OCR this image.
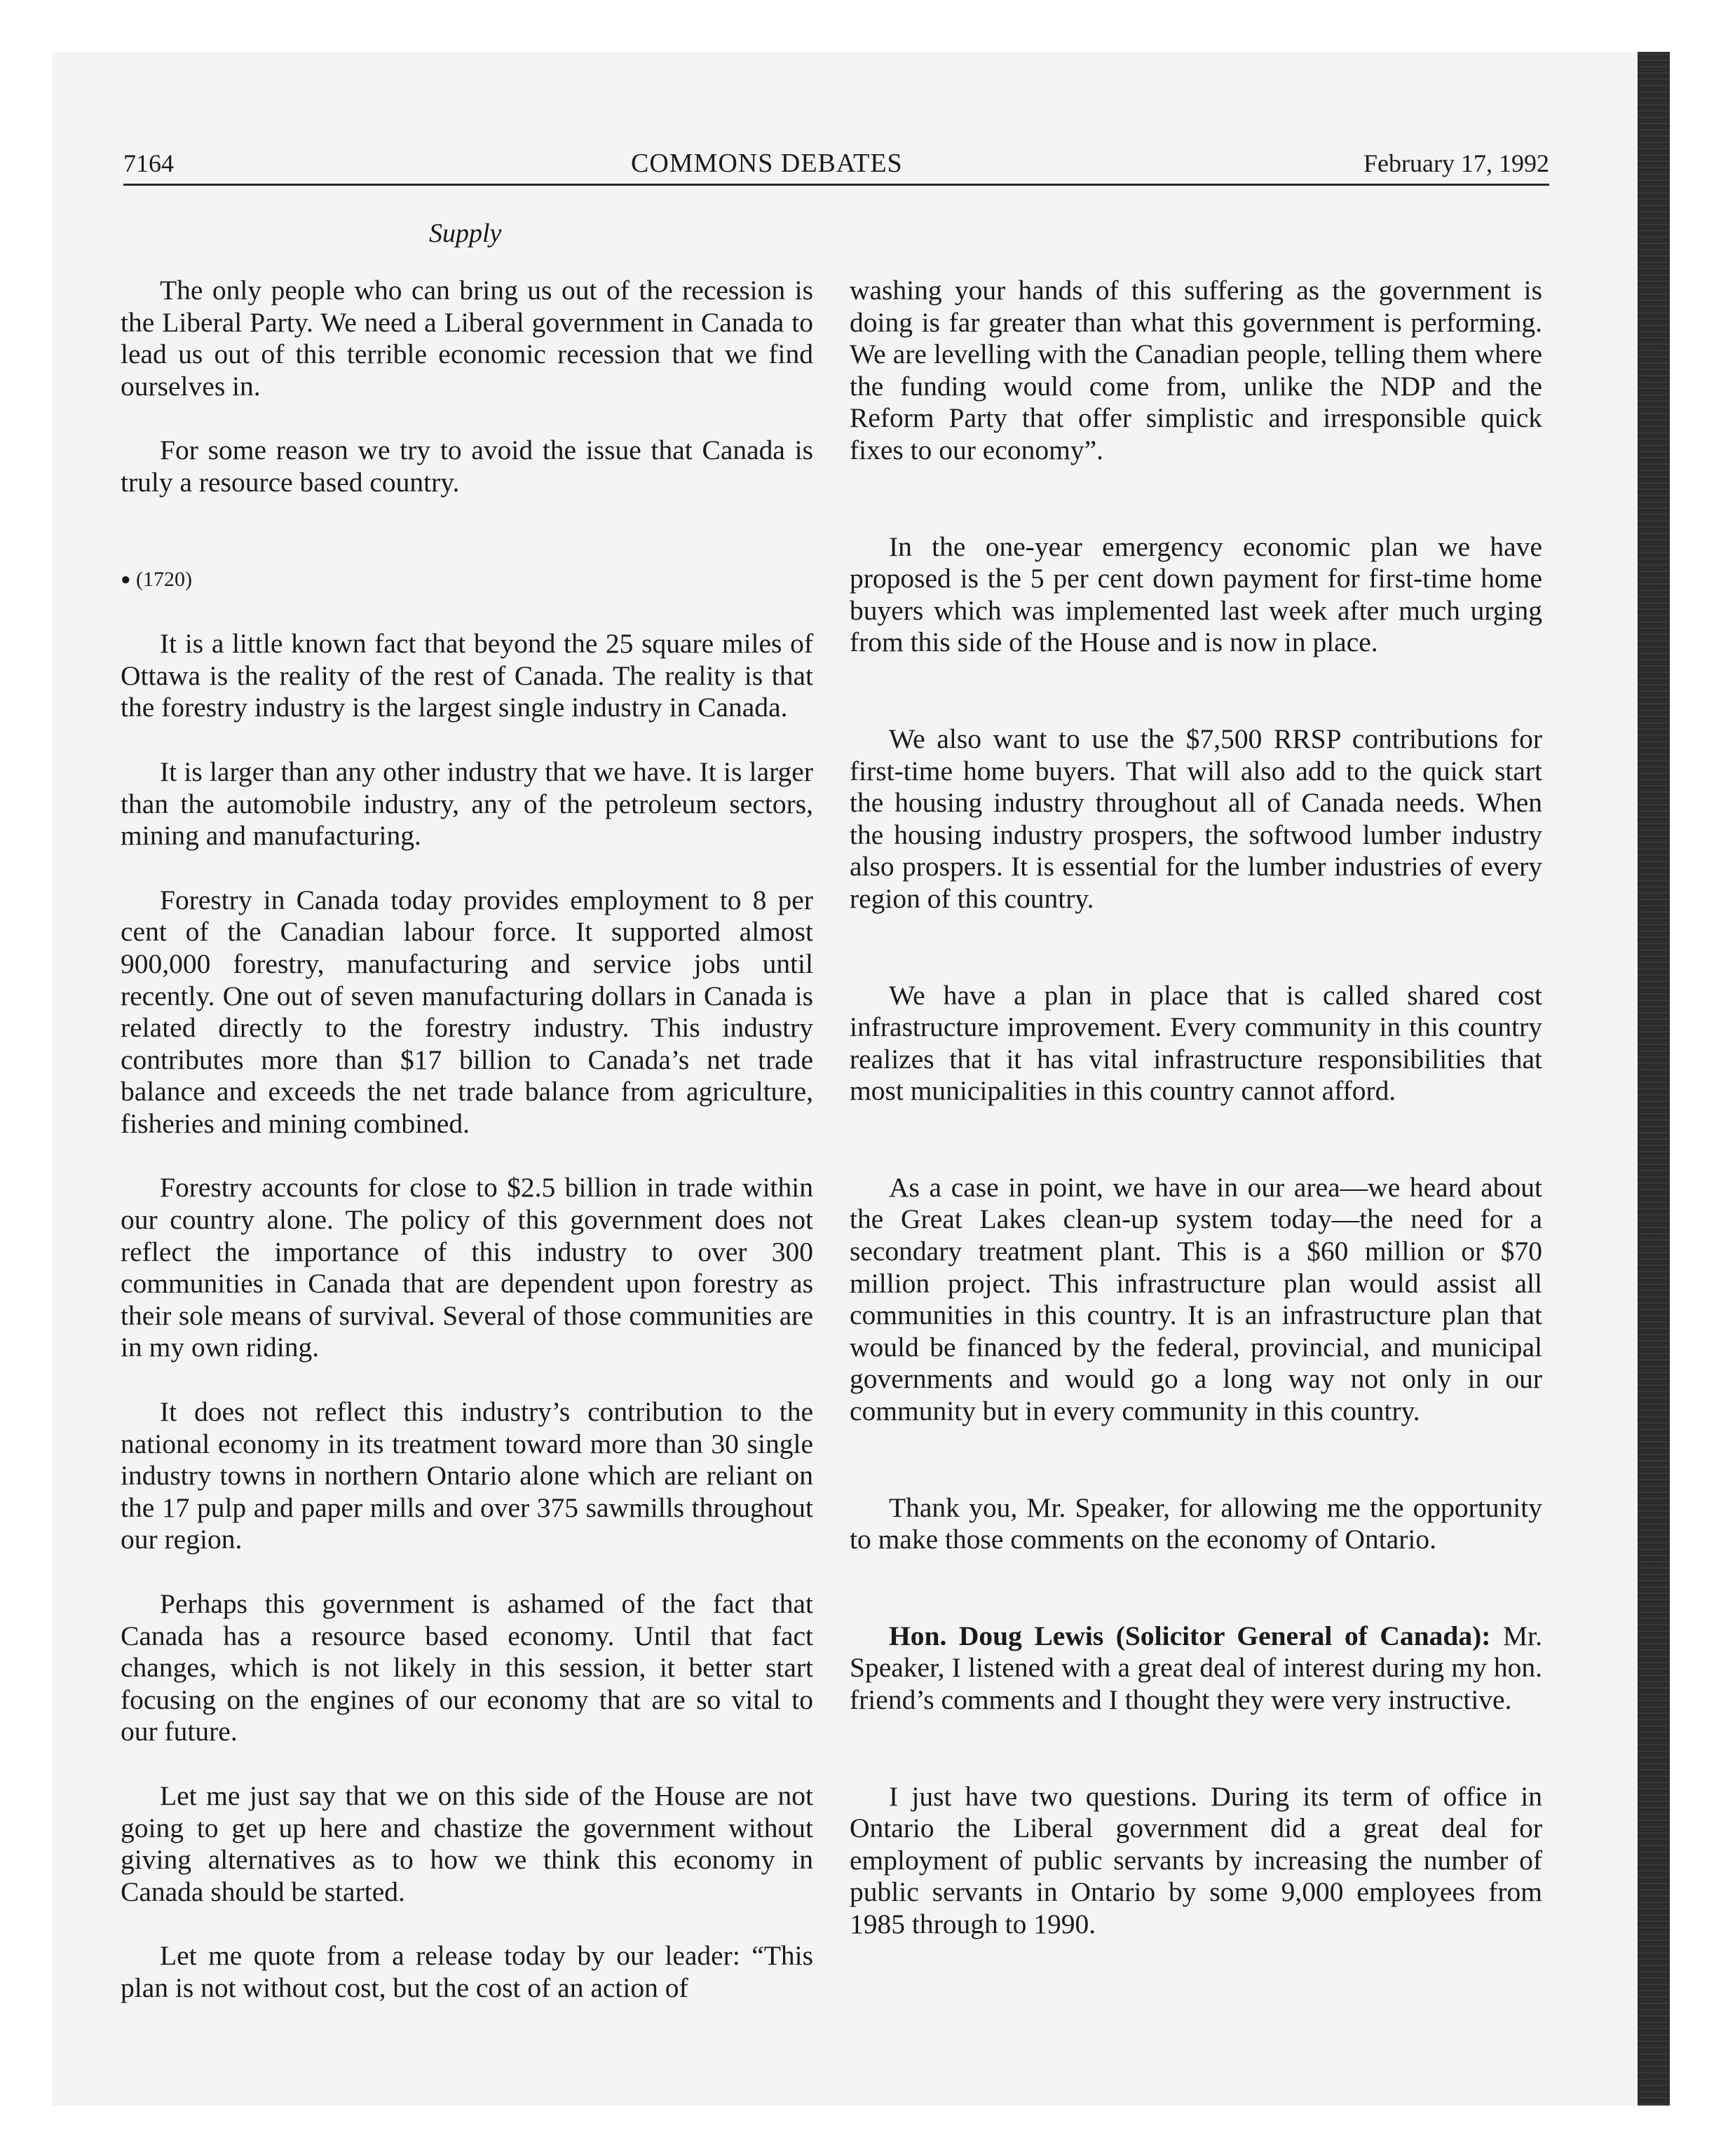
7164	COMMONS DEBATES	February 17, 1992
Supply

The only people who can bring us out of the recession is the Liberal Party. We need a Liberal government in Canada to lead us out of this terrible economic recession that we find ourselves in.

For some reason we try to avoid the issue that Canada is truly a resource based country.

● (1720)

It is a little known fact that beyond the 25 square miles of Ottawa is the reality of the rest of Canada. The reality is that the forestry industry is the largest single industry in Canada.

It is larger than any other industry that we have. It is larger than the automobile industry, any of the petroleum sectors, mining and manufacturing.

Forestry in Canada today provides employment to 8 per cent of the Canadian labour force. It supported almost 900,000 forestry, manufacturing and service jobs until recently. One out of seven manufacturing dollars in Canada is related directly to the forestry industry. This industry contributes more than $17 billion to Canada’s net trade balance and exceeds the net trade balance from agriculture, fisheries and mining combined.

Forestry accounts for close to $2.5 billion in trade within our country alone. The policy of this government does not reflect the importance of this industry to over 300 communities in Canada that are dependent upon forestry as their sole means of survival. Several of those communities are in my own riding.

It does not reflect this industry’s contribution to the national economy in its treatment toward more than 30 single industry towns in northern Ontario alone which are reliant on the 17 pulp and paper mills and over 375 sawmills throughout our region.

Perhaps this government is ashamed of the fact that Canada has a resource based economy. Until that fact changes, which is not likely in this session, it better start focusing on the engines of our economy that are so vital to our future.

Let me just say that we on this side of the House are not going to get up here and chastize the government without giving alternatives as to how we think this economy in Canada should be started.

Let me quote from a release today by our leader: “This plan is not without cost, but the cost of an action of

washing your hands of this suffering as the government is doing is far greater than what this government is performing. We are levelling with the Canadian people, telling them where the funding would come from, unlike the NDP and the Reform Party that offer simplistic and irresponsible quick fixes to our economy”.

In the one-year emergency economic plan we have proposed is the 5 per cent down payment for first-time home buyers which was implemented last week after much urging from this side of the House and is now in place.

We also want to use the $7,500 RRSP contributions for first-time home buyers. That will also add to the quick start the housing industry throughout all of Canada needs. When the housing industry prospers, the softwood lumber industry also prospers. It is essential for the lumber industries of every region of this country.

We have a plan in place that is called shared cost infrastructure improvement. Every community in this country realizes that it has vital infrastructure responsibilities that most municipalities in this country cannot afford.

As a case in point, we have in our area—we heard about the Great Lakes clean-up system today—the need for a secondary treatment plant. This is a $60 million or $70 million project. This infrastructure plan would assist all communities in this country. It is an infrastructure plan that would be financed by the federal, provincial, and municipal governments and would go a long way not only in our community but in every community in this country.

Thank you, Mr. Speaker, for allowing me the opportunity to make those comments on the economy of Ontario.

Hon. Doug Lewis (Solicitor General of Canada): Mr. Speaker, I listened with a great deal of interest during my hon. friend’s comments and I thought they were very instructive.

I just have two questions. During its term of office in Ontario the Liberal government did a great deal for employment of public servants by increasing the number of public servants in Ontario by some 9,000 employees from 1985 through to 1990.
